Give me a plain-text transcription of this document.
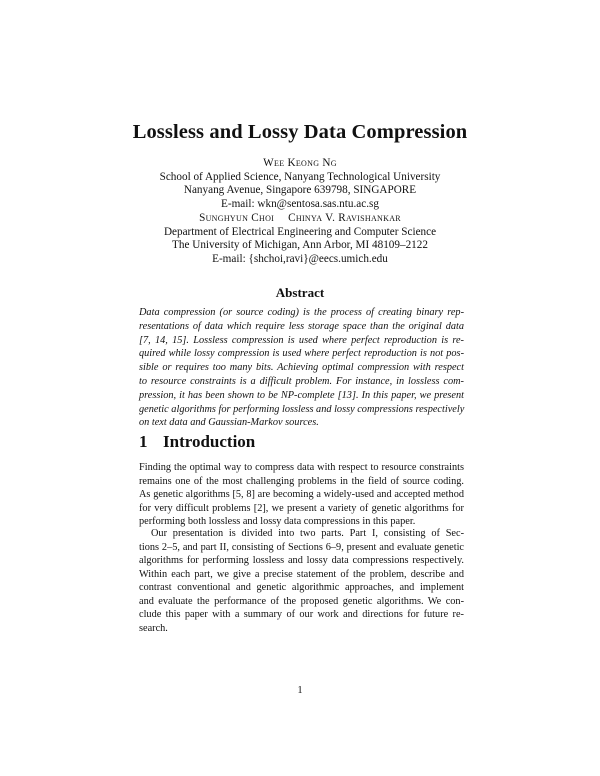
Lossless and Lossy Data Compression
Wee Keong Ng
School of Applied Science, Nanyang Technological University
Nanyang Avenue, Singapore 639798, SINGAPORE
E-mail: wkn@sentosa.sas.ntu.ac.sg
Sunghyun Choi Chinya V. Ravishankar
Department of Electrical Engineering and Computer Science
The University of Michigan, Ann Arbor, MI 48109–2122
E-mail: {shchoi,ravi}@eecs.umich.edu
Abstract
Data compression (or source coding) is the process of creating binary rep-
resentations of data which require less storage space than the original data
[7, 14, 15]. Lossless compression is used where perfect reproduction is re-
quired while lossy compression is used where perfect reproduction is not pos-
sible or requires too many bits. Achieving optimal compression with respect
to resource constraints is a difficult problem. For instance, in lossless com-
pression, it has been shown to be NP-complete [13]. In this paper, we present
genetic algorithms for performing lossless and lossy compressions respectively
on text data and Gaussian-Markov sources.
1 Introduction
Finding the optimal way to compress data with respect to resource constraints
remains one of the most challenging problems in the field of source coding.
As genetic algorithms [5, 8] are becoming a widely-used and accepted method
for very difficult problems [2], we present a variety of genetic algorithms for
performing both lossless and lossy data compressions in this paper.
Our presentation is divided into two parts. Part I, consisting of Sec-
tions 2–5, and part II, consisting of Sections 6–9, present and evaluate genetic
algorithms for performing lossless and lossy data compressions respectively.
Within each part, we give a precise statement of the problem, describe and
contrast conventional and genetic algorithmic approaches, and implement
and evaluate the performance of the proposed genetic algorithms. We con-
clude this paper with a summary of our work and directions for future re-
search.
1
